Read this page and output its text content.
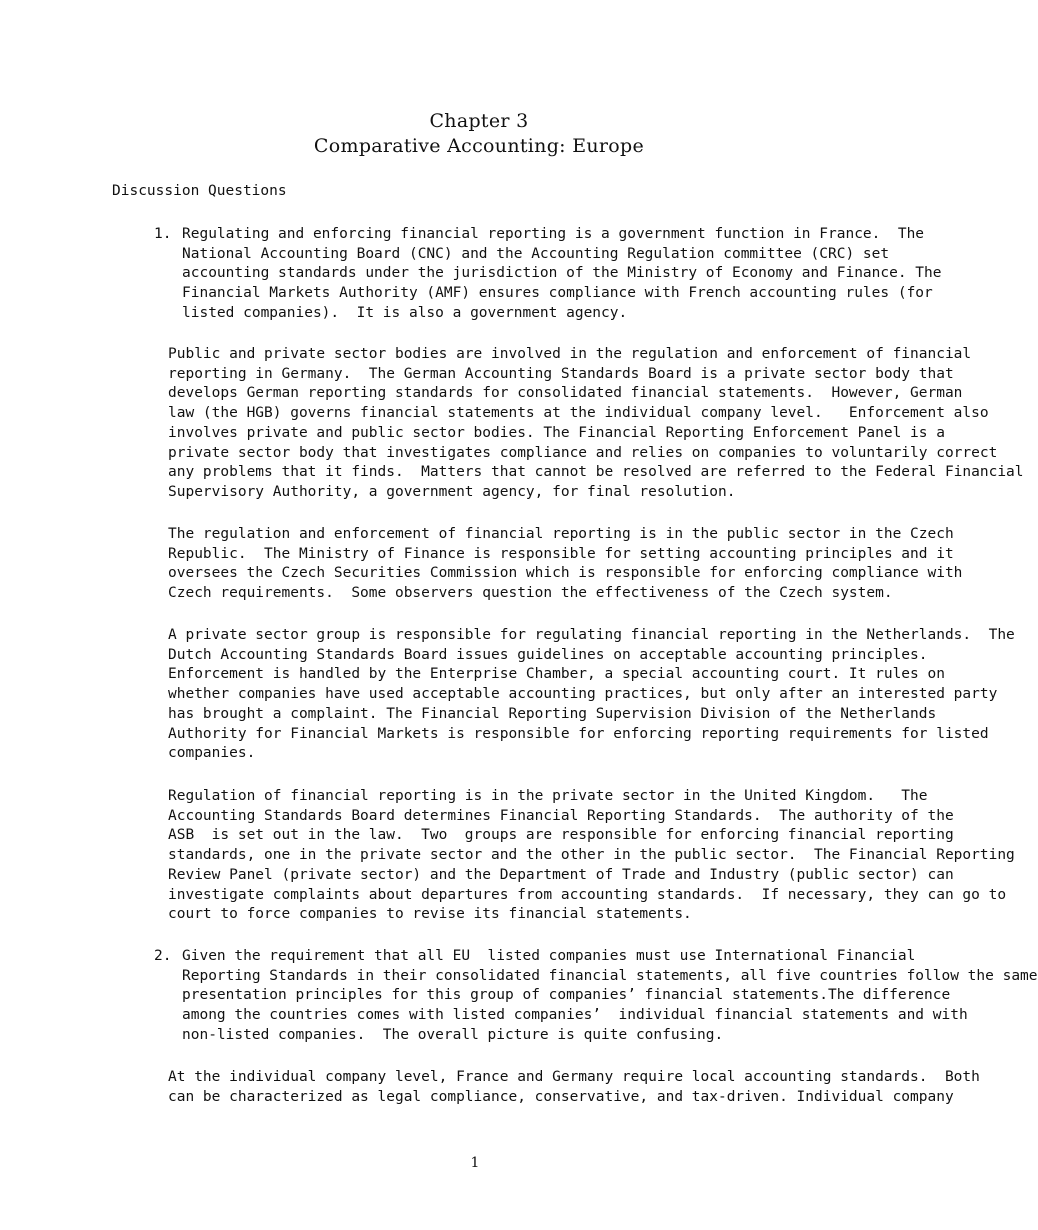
Chapter 3
Comparative Accounting: Europe
Discussion Questions
1. Regulating and enforcing financial reporting is a government function in France.  The
National Accounting Board (CNC) and the Accounting Regulation committee (CRC) set
accounting standards under the jurisdiction of the Ministry of Economy and Finance. The
Financial Markets Authority (AMF) ensures compliance with French accounting rules (for
listed companies).  It is also a government agency.
Public and private sector bodies are involved in the regulation and enforcement of financial
reporting in Germany.  The German Accounting Standards Board is a private sector body that
develops German reporting standards for consolidated financial statements.  However, German
law (the HGB) governs financial statements at the individual company level.   Enforcement also
involves private and public sector bodies. The Financial Reporting Enforcement Panel is a
private sector body that investigates compliance and relies on companies to voluntarily correct
any problems that it finds.  Matters that cannot be resolved are referred to the Federal Financial
Supervisory Authority, a government agency, for final resolution.
The regulation and enforcement of financial reporting is in the public sector in the Czech
Republic.  The Ministry of Finance is responsible for setting accounting principles and it
oversees the Czech Securities Commission which is responsible for enforcing compliance with
Czech requirements.  Some observers question the effectiveness of the Czech system.
A private sector group is responsible for regulating financial reporting in the Netherlands.  The
Dutch Accounting Standards Board issues guidelines on acceptable accounting principles.
Enforcement is handled by the Enterprise Chamber, a special accounting court. It rules on
whether companies have used acceptable accounting practices, but only after an interested party
has brought a complaint. The Financial Reporting Supervision Division of the Netherlands
Authority for Financial Markets is responsible for enforcing reporting requirements for listed
companies.
Regulation of financial reporting is in the private sector in the United Kingdom.   The
Accounting Standards Board determines Financial Reporting Standards.  The authority of the
ASB  is set out in the law.  Two  groups are responsible for enforcing financial reporting
standards, one in the private sector and the other in the public sector.  The Financial Reporting
Review Panel (private sector) and the Department of Trade and Industry (public sector) can
investigate complaints about departures from accounting standards.  If necessary, they can go to
court to force companies to revise its financial statements.
2. Given the requirement that all EU  listed companies must use International Financial
Reporting Standards in their consolidated financial statements, all five countries follow the same
presentation principles for this group of companies’ financial statements.The difference
among the countries comes with listed companies’  individual financial statements and with
non-listed companies.  The overall picture is quite confusing.
At the individual company level, France and Germany require local accounting standards.  Both
can be characterized as legal compliance, conservative, and tax-driven. Individual company
1
